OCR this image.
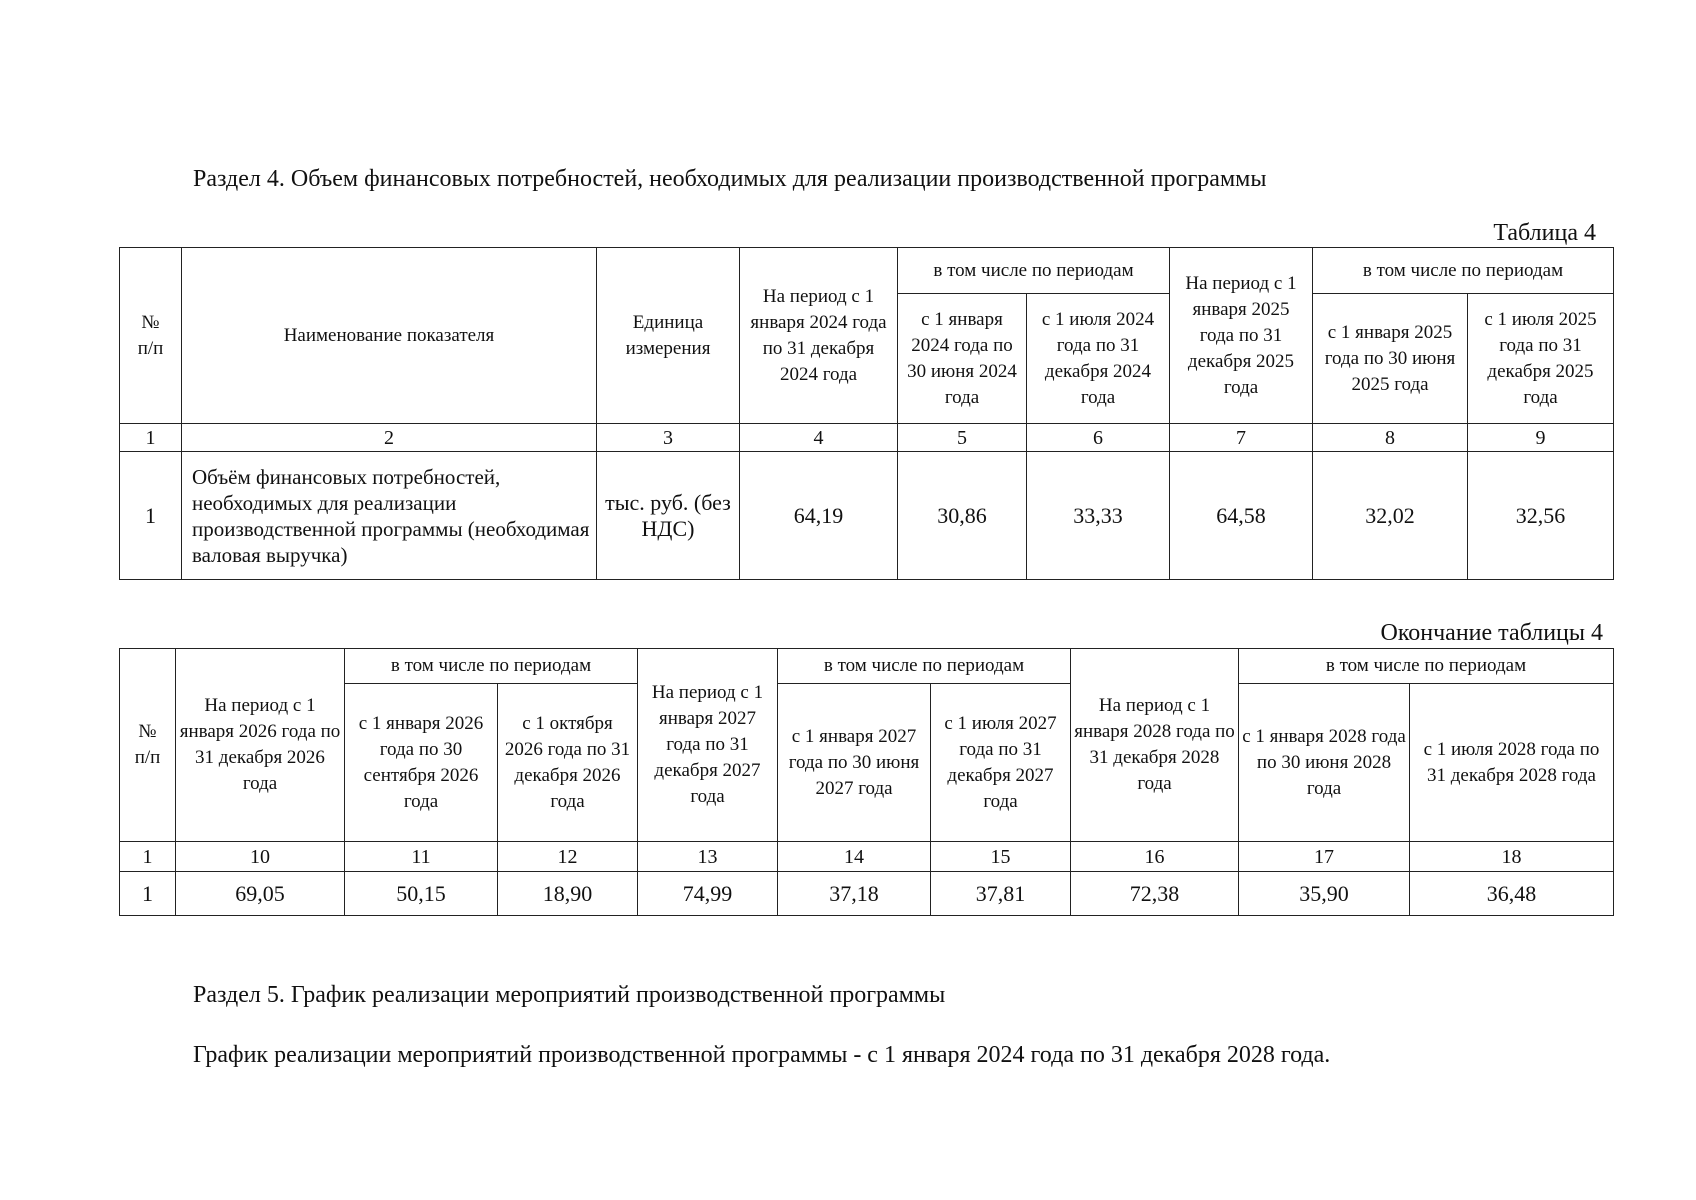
Раздел 4. Объем финансовых потребностей, необходимых для реализации производственной программы

Таблица 4
№
п/п	Наименование показателя	Единица измерения	На период с 1 января 2024 года по 31 декабря 2024 года	в том числе по периодам		На период с 1 января 2025 года по 31 декабря 2025 года	в том числе по периодам	
				с 1 января 2024 года по 30 июня 2024 года	с 1 июля 2024 года по 31 декабря 2024 года		с 1 января 2025 года по 30 июня 2025 года	с 1 июля 2025 года по 31 декабря 2025 года
1	2	3	4	5	6	7	8	9
1	Объём финансовых потребностей, необходимых для реализации производственной программы (необходимая валовая выручка)	тыс. руб. (без НДС)	64,19	30,86	33,33	64,58	32,02	32,56
Окончание таблицы 4
№
п/п	На период с 1 января 2026 года по 31 декабря 2026 года	в том числе по периодам		На период с 1 января 2027 года по 31 декабря 2027 года	в том числе по периодам		На период с 1 января 2028 года по 31 декабря 2028 года	в том числе по периодам	
		с 1 января 2026 года по 30 сентября 2026 года	с 1 октября 2026 года по 31 декабря 2026 года		с 1 января 2027 года по 30 июня 2027 года	с 1 июля 2027 года по 31 декабря 2027 года		с 1 января 2028 года по 30 июня 2028 года	с 1 июля 2028 года по 31 декабря 2028 года
1	10	11	12	13	14	15	16	17	18
1	69,05	50,15	18,90	74,99	37,18	37,81	72,38	35,90	36,48

Раздел 5. График реализации мероприятий производственной программы

График реализации мероприятий производственной программы - с 1 января 2024 года по 31 декабря 2028 года.
